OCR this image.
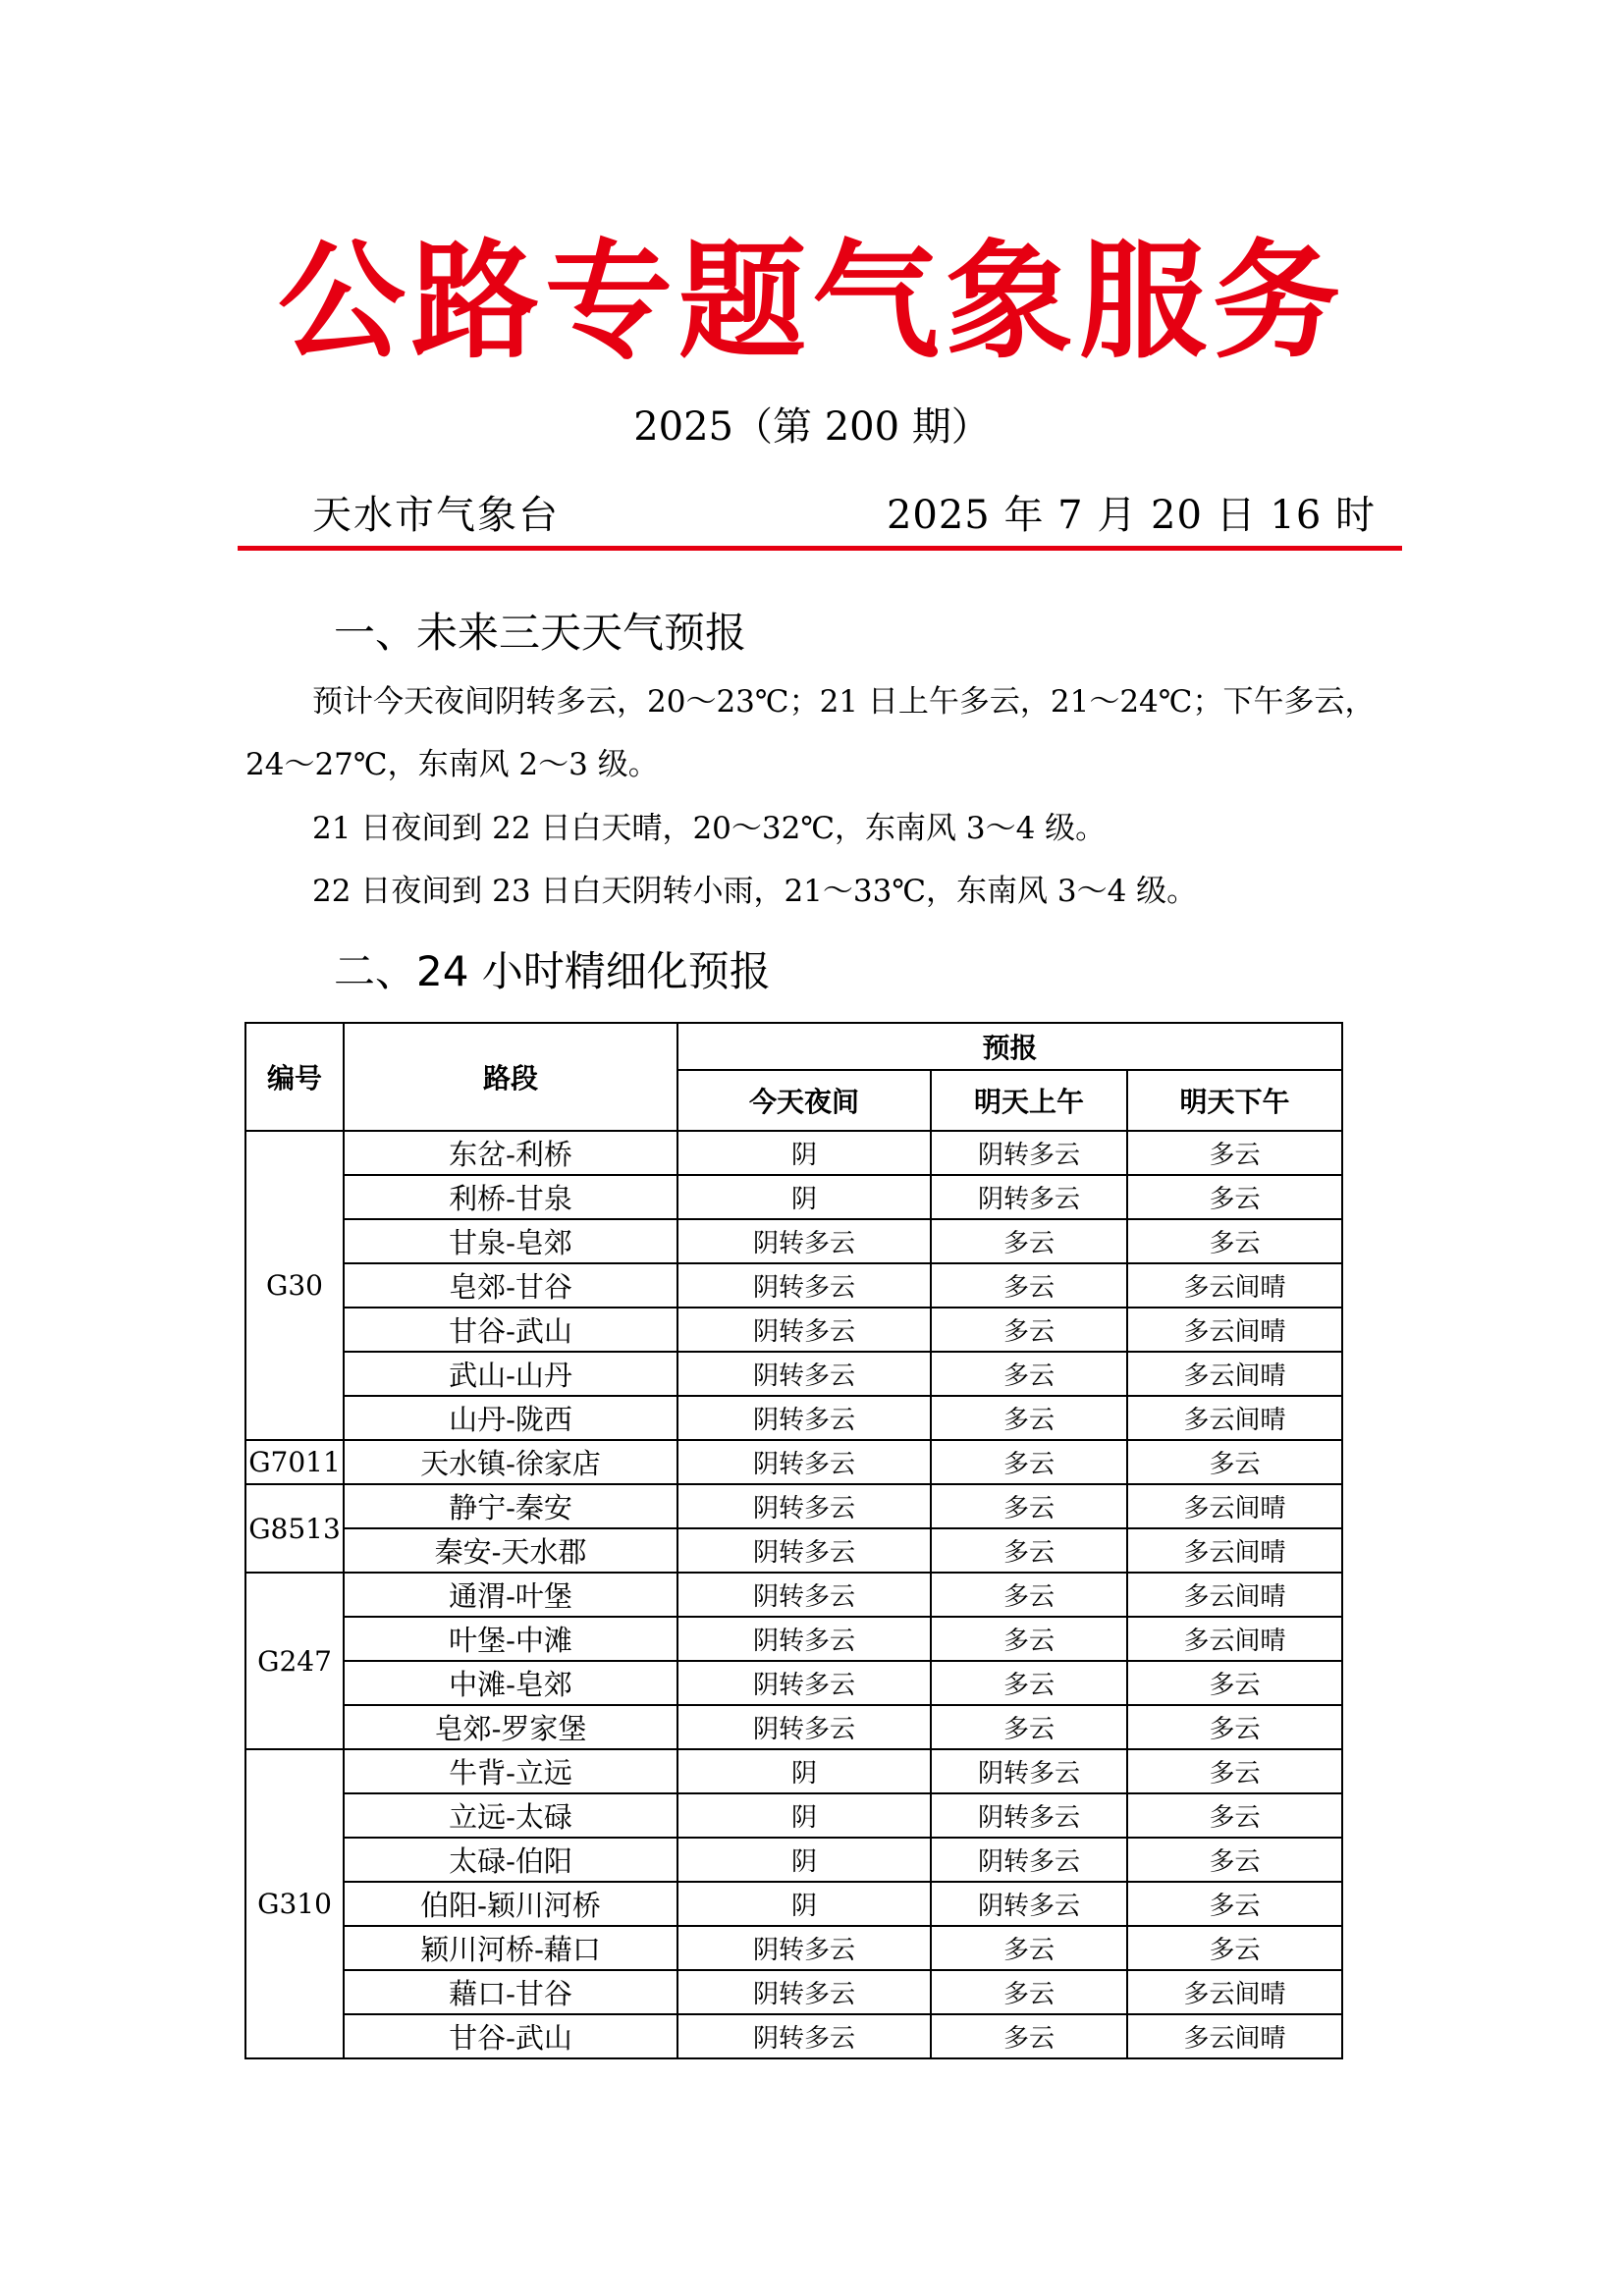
公路专题气象服务
2025（第 200 期）
天水市气象台	2025 年 7 月 20 日 16 时
一、未来三天天气预报
预计今天夜间阴转多云，20～23℃；21 日上午多云，21～24℃；下午多云，
24～27℃，东南风 2～3 级。
21 日夜间到 22 日白天晴，20～32℃，东南风 3～4 级。
22 日夜间到 23 日白天阴转小雨，21～33℃，东南风 3～4 级。
二、24 小时精细化预报
编号	路段	预报		
		今天夜间	明天上午	明天下午
G30	东岔-利桥	阴	阴转多云	多云
	利桥-甘泉	阴	阴转多云	多云
	甘泉-皂郊	阴转多云	多云	多云
	皂郊-甘谷	阴转多云	多云	多云间晴
	甘谷-武山	阴转多云	多云	多云间晴
	武山-山丹	阴转多云	多云	多云间晴
	山丹-陇西	阴转多云	多云	多云间晴
G7011	天水镇-徐家店	阴转多云	多云	多云
G8513	静宁-秦安	阴转多云	多云	多云间晴
	秦安-天水郡	阴转多云	多云	多云间晴
G247	通渭-叶堡	阴转多云	多云	多云间晴
	叶堡-中滩	阴转多云	多云	多云间晴
	中滩-皂郊	阴转多云	多云	多云
	皂郊-罗家堡	阴转多云	多云	多云
G310	牛背-立远	阴	阴转多云	多云
	立远-太碌	阴	阴转多云	多云
	太碌-伯阳	阴	阴转多云	多云
	伯阳-颖川河桥	阴	阴转多云	多云
	颖川河桥-藉口	阴转多云	多云	多云
	藉口-甘谷	阴转多云	多云	多云间晴
	甘谷-武山	阴转多云	多云	多云间晴
